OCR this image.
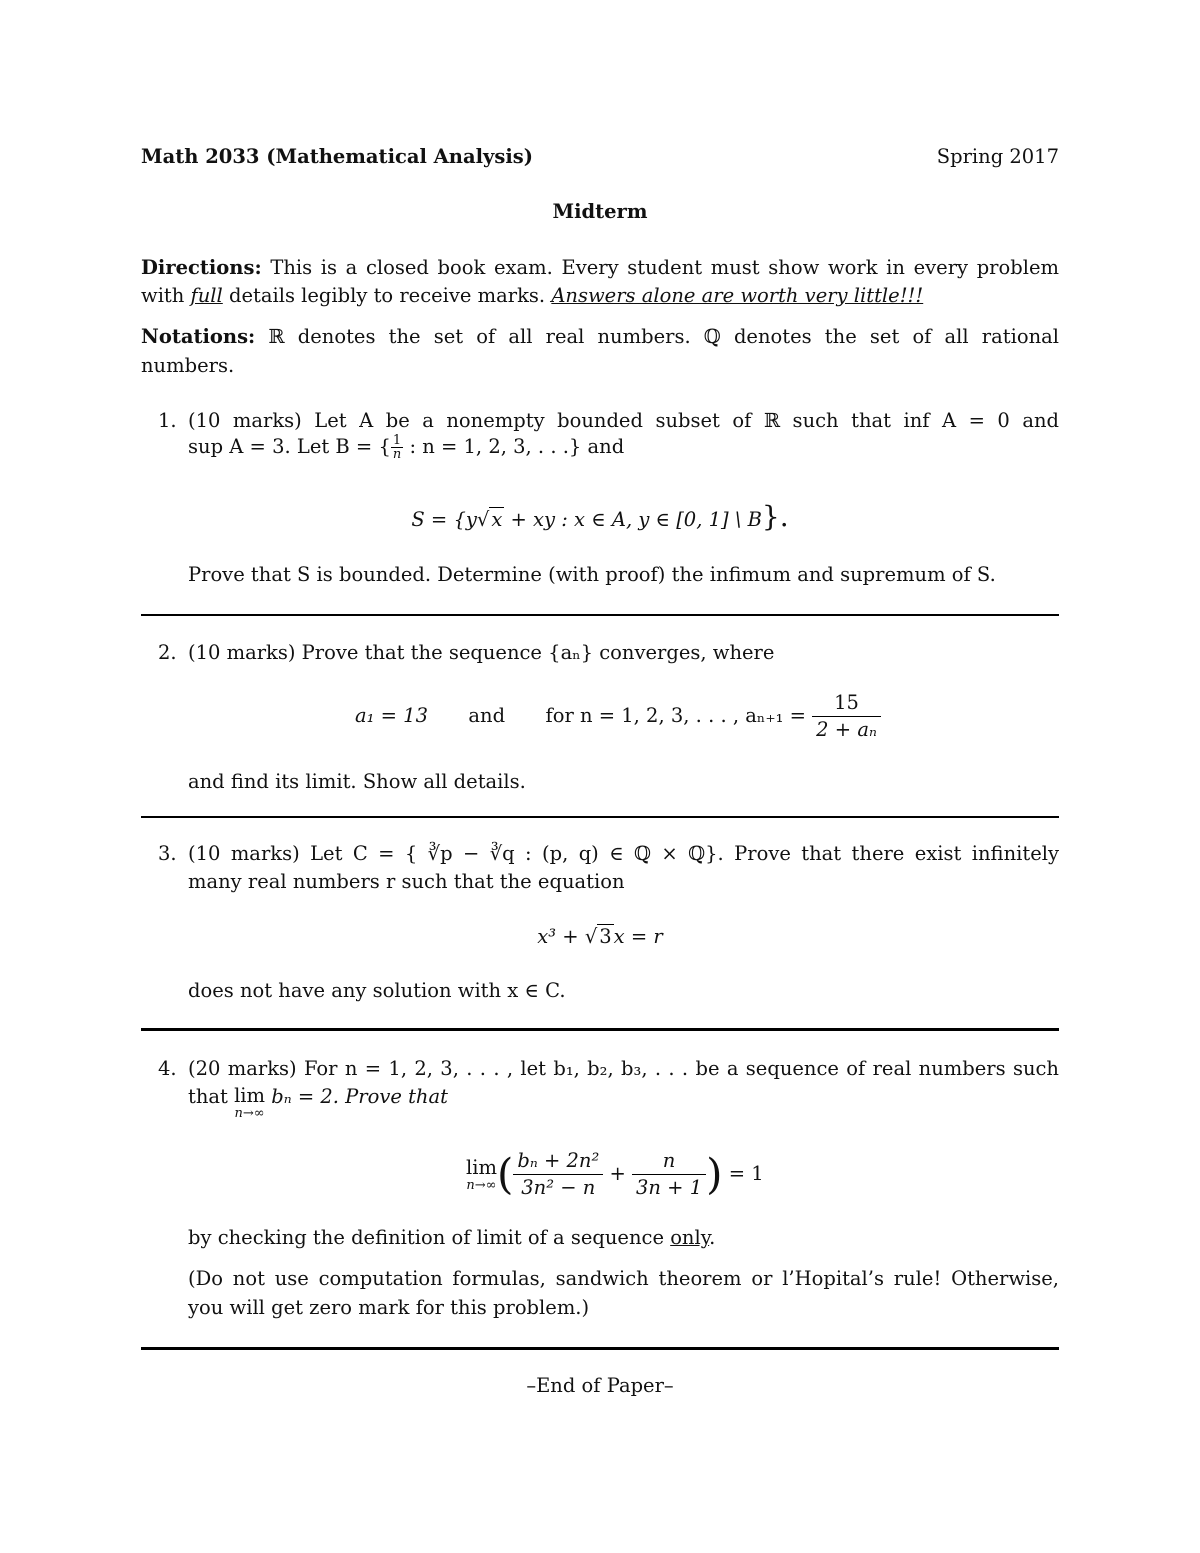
Math 2033 (Mathematical Analysis)	Spring 2017
Midterm
Directions: This is a closed book exam. Every student must show work in every problem
with full details legibly to receive marks. Answers alone are worth very little!!!
Notations: ℝ denotes the set of all real numbers. ℚ denotes the set of all rational
numbers.
1. (10 marks) Let A be a nonempty bounded subset of ℝ such that inf A = 0 and
sup A = 3. Let B = { $\frac{1}{n}$ : n = 1, 2, 3, . . .} and
S = {y√ x + xy : x ∈ A, y ∈ [0, 1] \ B}.
Prove that S is bounded. Determine (with proof) the infimum and supremum of S.
2. (10 marks) Prove that the sequence {aₙ} converges, where
a₁ = 13 and for n = 1, 2, 3, . . . , $a_{n+1} = \frac{15}{\text{2 + aₙ}}$
and find its limit. Show all details.
3. (10 marks) Let C = { ∛p − ∛q : (p, q) ∈ ℚ × ℚ}. Prove that there exist infinitely
many real numbers r such that the equation
x³ + √ 3 x = r
does not have any solution with x ∈ C.
4. (20 marks) For n = 1, 2, 3, . . . , let b₁, b₂, b₃, . . . be a sequence of real numbers such
that lim
n→∞
bₙ = 2. Prove that
lim
n→∞ ( $\frac{\text{bₙ + 2n²}}{\text{3n² − n}} + \frac{n}{3n + 1}$ ) = 1
by checking the definition of limit of a sequence only.
(Do not use computation formulas, sandwich theorem or l’Hopital’s rule! Otherwise,
you will get zero mark for this problem.)
–End of Paper–
